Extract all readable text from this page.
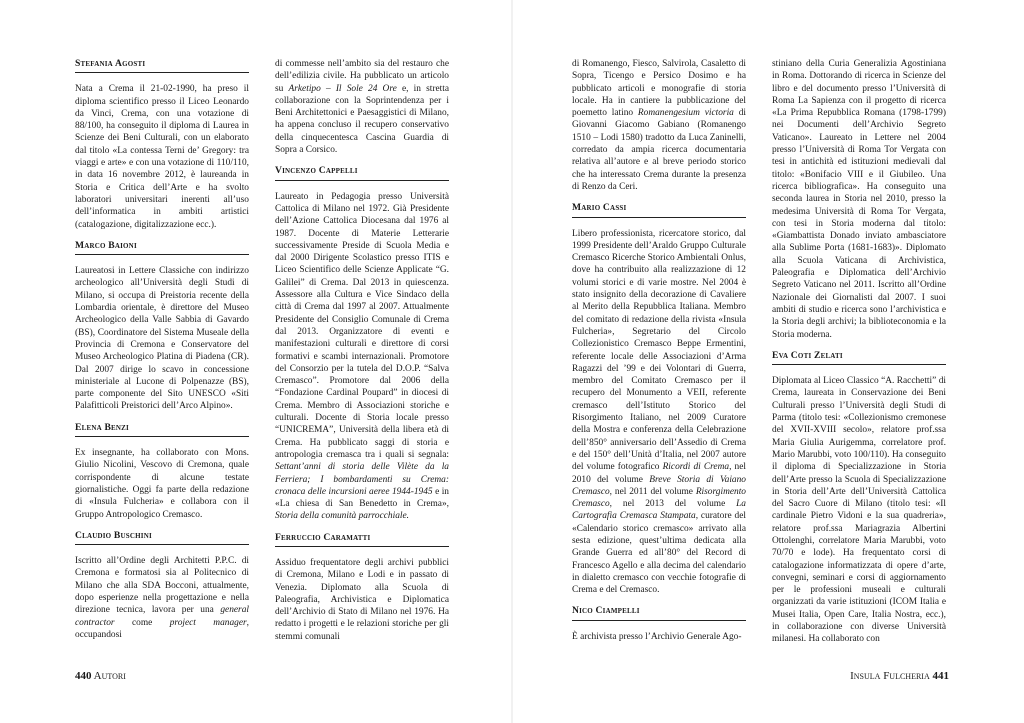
Stefania Agosti

Nata a Crema il 21-02-1990, ha preso il diploma scientifico presso il Liceo Leonardo da Vinci, Crema, con una votazione di 88/100, ha conseguito il diploma di Laurea in Scienze dei Beni Culturali, con un elaborato dal titolo «La contessa Terni de’ Gregory: tra viaggi e arte» e con una votazione di 110/110, in data 16 novembre 2012, è laureanda in Storia e Critica dell’Arte e ha svolto laboratori universitari inerenti all’uso dell’informatica in ambiti artistici (catalogazione, digitalizzazione ecc.).

Marco Baioni

Laureatosi in Lettere Classiche con indirizzo archeologico all’Università degli Studi di Milano, si occupa di Preistoria recente della Lombardia orientale, è direttore del Museo Archeologico della Valle Sabbia di Gavardo (BS), Coordinatore del Sistema Museale della Provincia di Cremona e Conservatore del Museo Archeologico Platina di Piadena (CR). Dal 2007 dirige lo scavo in concessione ministeriale al Lucone di Polpenazze (BS), parte componente del Sito UNESCO «Siti Palafitticoli Preistorici dell’Arco Alpino».

Elena Benzi

Ex insegnante, ha collaborato con Mons. Giulio Nicolini, Vescovo di Cremona, quale corrispondente di alcune testate giornalistiche. Oggi fa parte della redazione di «Insula Fulcheria» e collabora con il Gruppo Antropologico Cremasco.

Claudio Buschini

Iscritto all’Ordine degli Architetti P.P.C. di Cremona e formatosi sia al Politecnico di Milano che alla SDA Bocconi, attualmente, dopo esperienze nella progettazione e nella direzione tecnica, lavora per una general contractor come project manager, occupandosi

di commesse nell’ambito sia del restauro che dell’edilizia civile. Ha pubblicato un articolo su Arketipo – Il Sole 24 Ore e, in stretta collaborazione con la Soprintendenza per i Beni Architettonici e Paesaggistici di Milano, ha appena concluso il recupero conservativo della cinquecentesca Cascina Guardia di Sopra a Corsico.

Vincenzo Cappelli

Laureato in Pedagogia presso Università Cattolica di Milano nel 1972. Già Presidente dell’Azione Cattolica Diocesana dal 1976 al 1987. Docente di Materie Letterarie successivamente Preside di Scuola Media e dal 2000 Dirigente Scolastico presso ITIS e Liceo Scientifico delle Scienze Applicate “G. Galilei” di Crema. Dal 2013 in quiescenza. Assessore alla Cultura e Vice Sindaco della città di Crema dal 1997 al 2007. Attualmente Presidente del Consiglio Comunale di Crema dal 2013. Organizzatore di eventi e manifestazioni culturali e direttore di corsi formativi e scambi internazionali. Promotore del Consorzio per la tutela del D.O.P. “Salva Cremasco”. Promotore dal 2006 della “Fondazione Cardinal Poupard” in diocesi di Crema. Membro di Associazioni storiche e culturali. Docente di Storia locale presso “UNICREMA”, Università della libera età di Crema. Ha pubblicato saggi di storia e antropologia cremasca tra i quali si segnala: Settant’anni di storia delle Vilète da la Ferriera; I bombardamenti su Crema: cronaca delle incursioni aeree 1944-1945 e in «La chiesa di San Benedetto in Crema», Storia della comunità parrocchiale.

Ferruccio Caramatti

Assiduo frequentatore degli archivi pubblici di Cremona, Milano e Lodi e in passato di Venezia. Diplomato alla Scuola di Paleografia, Archivistica e Diplomatica dell’Archivio di Stato di Milano nel 1976. Ha redatto i progetti e le relazioni storiche per gli stemmi comunali

440 Autori

di Romanengo, Fiesco, Salvirola, Casaletto di Sopra, Ticengo e Persico Dosimo e ha pubblicato articoli e monografie di storia locale. Ha in cantiere la pubblicazione del poemetto latino Romanengesium victoria di Giovanni Giacomo Gabiano (Romanengo 1510 – Lodi 1580) tradotto da Luca Zaninelli, corredato da ampia ricerca documentaria relativa all’autore e al breve periodo storico che ha interessato Crema durante la presenza di Renzo da Ceri.

Mario Cassi

Libero professionista, ricercatore storico, dal 1999 Presidente dell’Araldo Gruppo Culturale Cremasco Ricerche Storico Ambientali Onlus, dove ha contribuito alla realizzazione di 12 volumi storici e di varie mostre. Nel 2004 è stato insignito della decorazione di Cavaliere al Merito della Repubblica Italiana. Membro del comitato di redazione della rivista «Insula Fulcheria», Segretario del Circolo Collezionistico Cremasco Beppe Ermentini, referente locale delle Associazioni d’Arma Ragazzi del ’99 e dei Volontari di Guerra, membro del Comitato Cremasco per il recupero del Monumento a VEII, referente cremasco dell’Istituto Storico del Risorgimento Italiano, nel 2009 Curatore della Mostra e conferenza della Celebrazione dell’850° anniversario dell’Assedio di Crema e del 150° dell’Unità d’Italia, nel 2007 autore del volume fotografico Ricordi di Crema, nel 2010 del volume Breve Storia di Vaiano Cremasco, nel 2011 del volume Risorgimento Cremasco, nel 2013 del volume La Cartografia Cremasca Stampata, curatore del «Calendario storico cremasco» arrivato alla sesta edizione, quest’ultima dedicata alla Grande Guerra ed all’80° del Record di Francesco Agello e alla decima del calendario in dialetto cremasco con vecchie fotografie di Crema e del Cremasco.

Nico Ciampelli

È archivista presso l’Archivio Generale Ago-

stiniano della Curia Generalizia Agostiniana in Roma. Dottorando di ricerca in Scienze del libro e del documento presso l’Università di Roma La Sapienza con il progetto di ricerca «La Prima Repubblica Romana (1798-1799) nei Documenti dell’Archivio Segreto Vaticano». Laureato in Lettere nel 2004 presso l’Università di Roma Tor Vergata con tesi in antichità ed istituzioni medievali dal titolo: «Bonifacio VIII e il Giubileo. Una ricerca bibliografica». Ha conseguito una seconda laurea in Storia nel 2010, presso la medesima Università di Roma Tor Vergata, con tesi in Storia moderna dal titolo: «Giambattista Donado inviato ambasciatore alla Sublime Porta (1681-1683)». Diplomato alla Scuola Vaticana di Archivistica, Paleografia e Diplomatica dell’Archivio Segreto Vaticano nel 2011. Iscritto all’Ordine Nazionale dei Giornalisti dal 2007. I suoi ambiti di studio e ricerca sono l’archivistica e la Storia degli archivi; la biblioteconomia e la Storia moderna.

Eva Coti Zelati

Diplomata al Liceo Classico “A. Racchetti” di Crema, laureata in Conservazione dei Beni Culturali presso l’Università degli Studi di Parma (titolo tesi: «Collezionismo cremonese del XVII-XVIII secolo», relatore prof.ssa Maria Giulia Aurigemma, correlatore prof. Mario Marubbi, voto 100/110). Ha conseguito il diploma di Specializzazione in Storia dell’Arte presso la Scuola di Specializzazione in Storia dell’Arte dell’Università Cattolica del Sacro Cuore di Milano (titolo tesi: «Il cardinale Pietro Vidoni e la sua quadreria», relatore prof.ssa Mariagrazia Albertini Ottolenghi, correlatore Maria Marubbi, voto 70/70 e lode). Ha frequentato corsi di catalogazione informatizzata di opere d’arte, convegni, seminari e corsi di aggiornamento per le professioni museali e culturali organizzati da varie istituzioni (ICOM Italia e Musei Italia, Open Care, Italia Nostra, ecc.), in collaborazione con diverse Università milanesi. Ha collaborato con

Insula Fulcheria 441
